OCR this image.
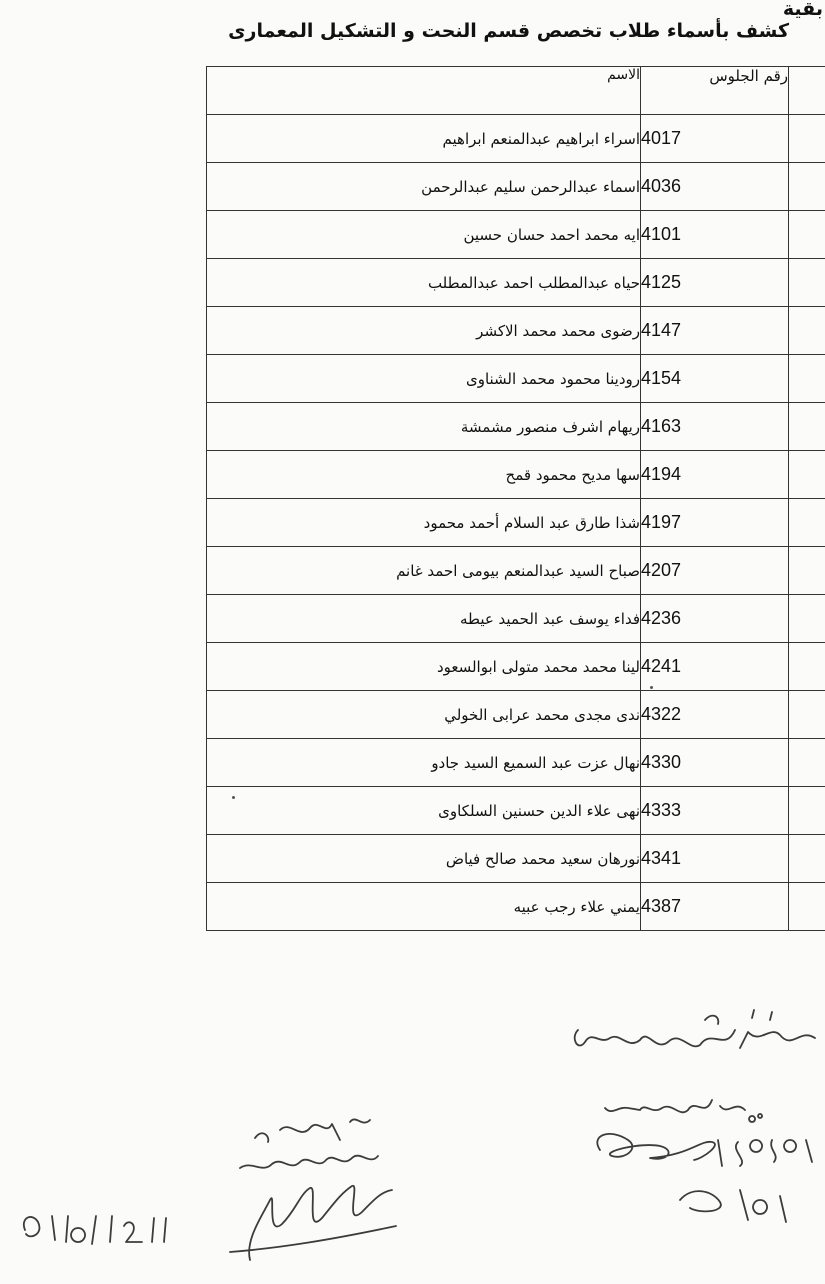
بقية
كشف بأسماء طلاب تخصص قسم النحت و التشكيل المعمارى
الاسم	رقم الجلوس	
اسراء ابراهيم عبدالمنعم ابراهيم	4017	
اسماء عبدالرحمن سليم عبدالرحمن	4036	
ايه محمد احمد حسان حسين	4101	
حياه عبدالمطلب احمد عبدالمطلب	4125	
رضوى محمد محمد الاكشر	4147	
رودينا محمود محمد الشناوى	4154	
ريهام اشرف منصور مشمشة	4163	
سها مديح محمود قمح	4194	
شذا طارق عبد السلام أحمد محمود	4197	
صباح السيد عبدالمنعم بيومى احمد غانم	4207	
فداء يوسف عبد الحميد عيطه	4236	
لينا محمد محمد متولى ابوالسعود	4241	
ندى مجدى محمد عرابى الخولي	4322	
نهال عزت عبد السميع السيد جادو	4330	
نهى علاء الدين حسنين السلكاوى	4333	
نورهان سعيد محمد صالح فياض	4341	
يمني علاء رجب عبيه	4387	
